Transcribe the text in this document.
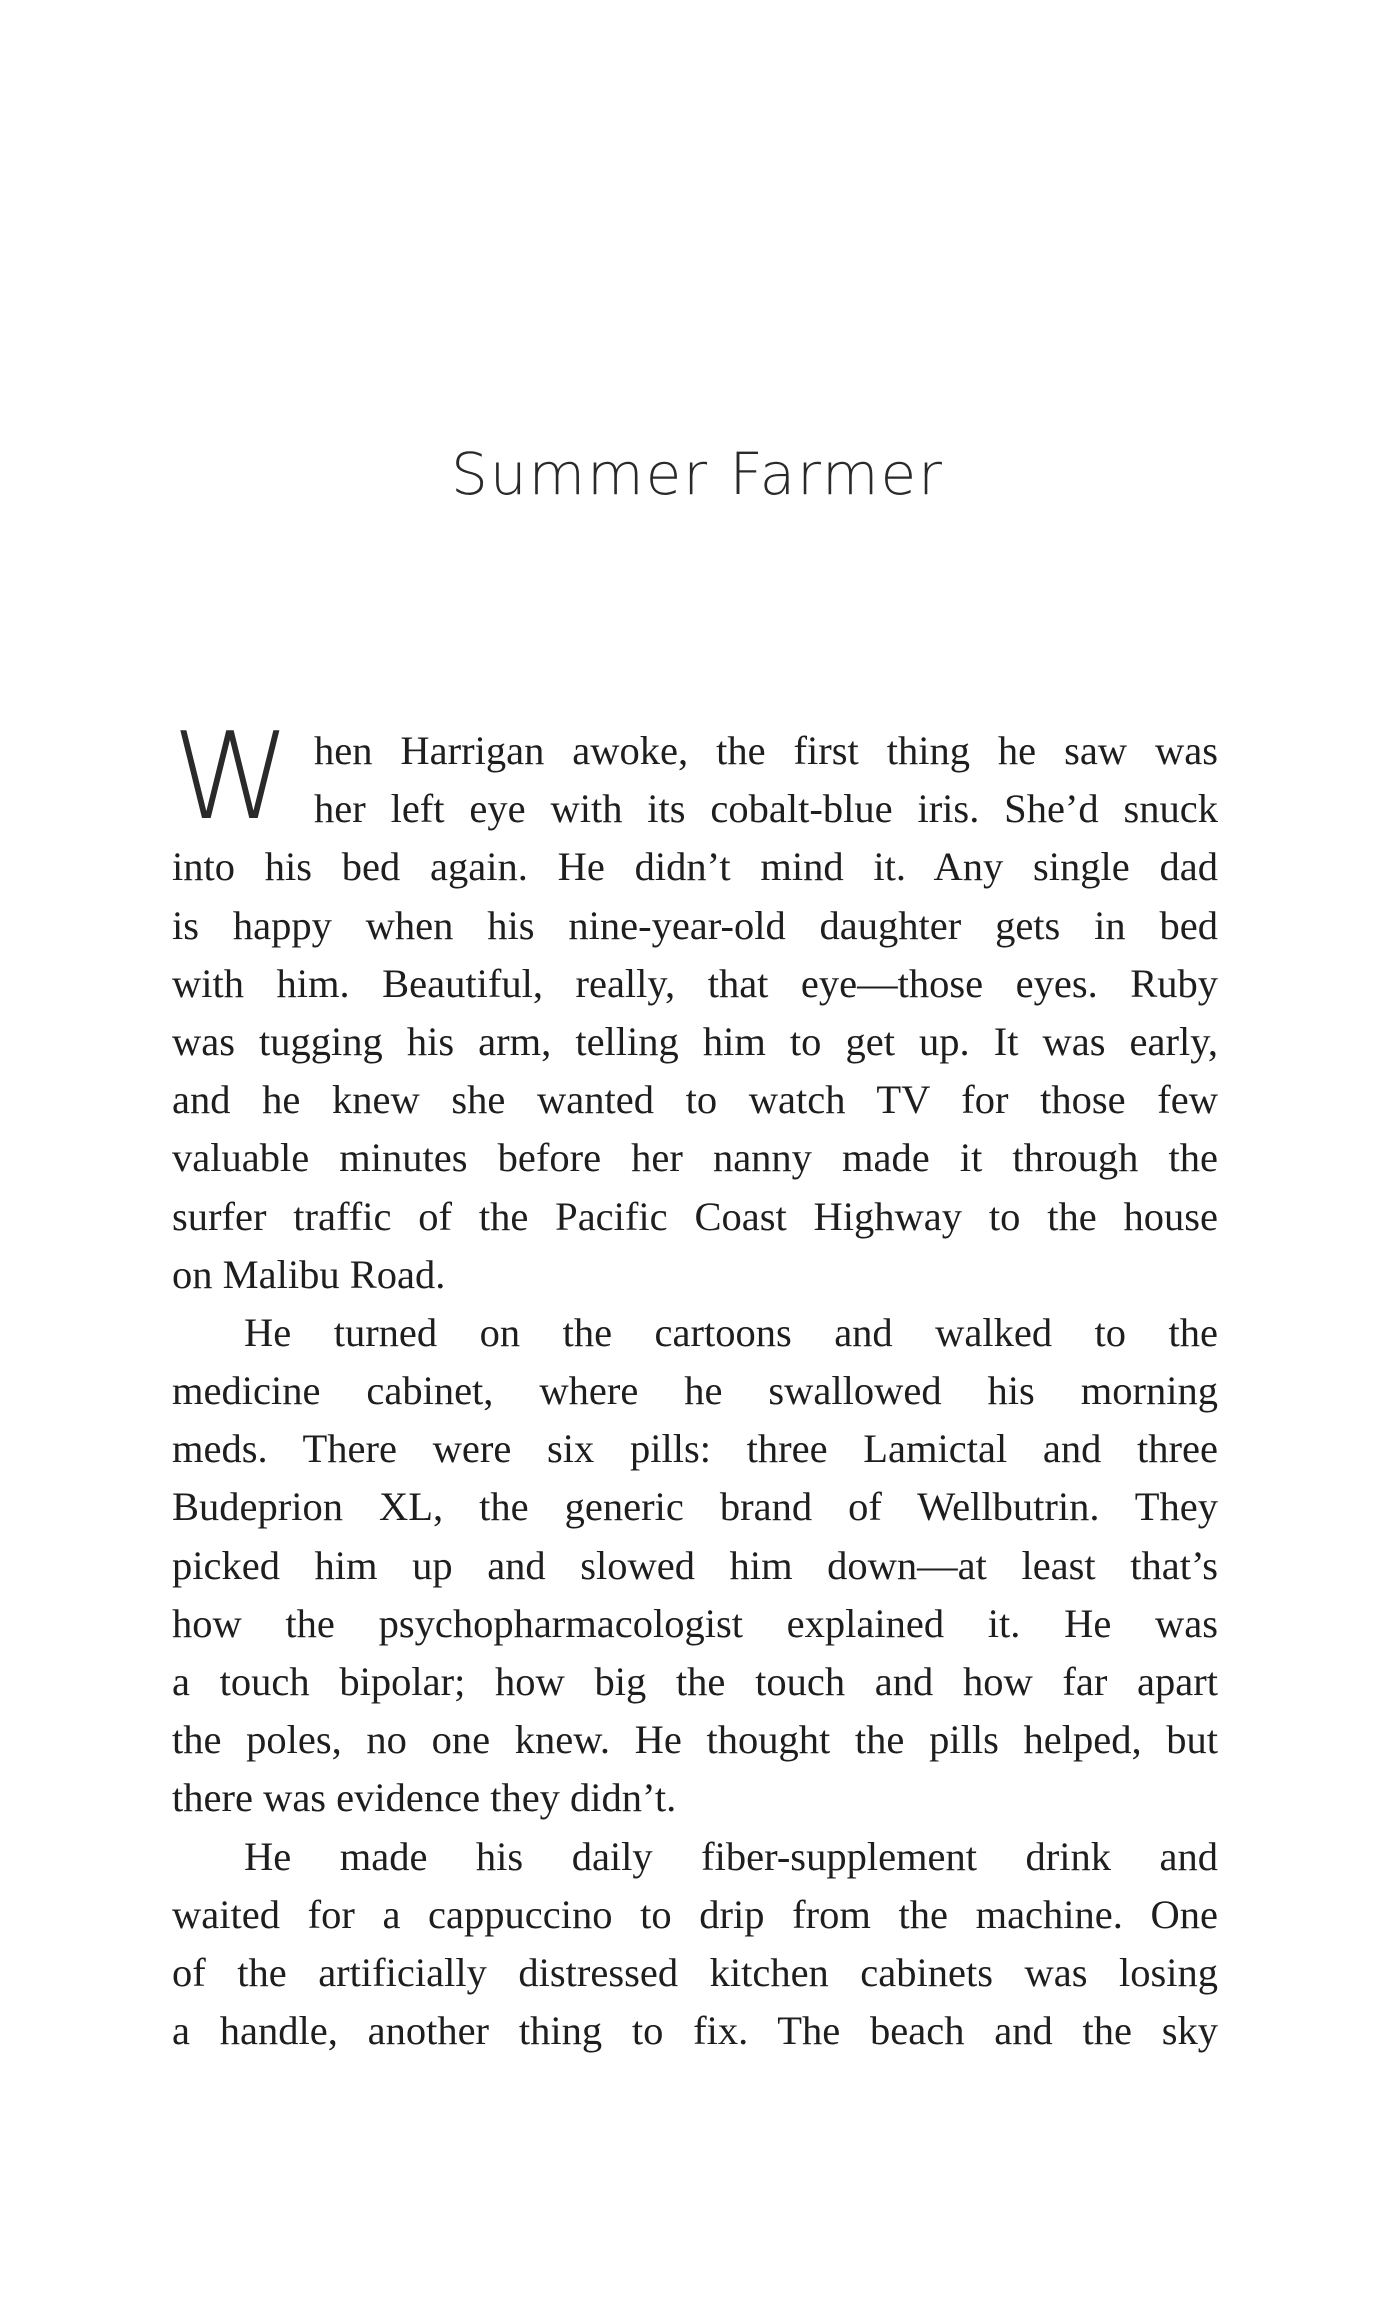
Summer Farmer
W hen Harrigan awoke, the first thing he saw was
her left eye with its cobalt-blue iris. She’d snuck
into his bed again. He didn’t mind it. Any single dad
is happy when his nine-year-old daughter gets in bed
with him. Beautiful, really, that eye—those eyes. Ruby
was tugging his arm, telling him to get up. It was early,
and he knew she wanted to watch TV for those few
valuable minutes before her nanny made it through the
surfer traffic of the Pacific Coast Highway to the house
on Malibu Road.
He turned on the cartoons and walked to the
medicine cabinet, where he swallowed his morning
meds. There were six pills: three Lamictal and three
Budeprion XL, the generic brand of Wellbutrin. They
picked him up and slowed him down—at least that’s
how the psychopharmacologist explained it. He was
a touch bipolar; how big the touch and how far apart
the poles, no one knew. He thought the pills helped, but
there was evidence they didn’t.
He made his daily fiber-supplement drink and
waited for a cappuccino to drip from the machine. One
of the artificially distressed kitchen cabinets was losing
a handle, another thing to fix. The beach and the sky
